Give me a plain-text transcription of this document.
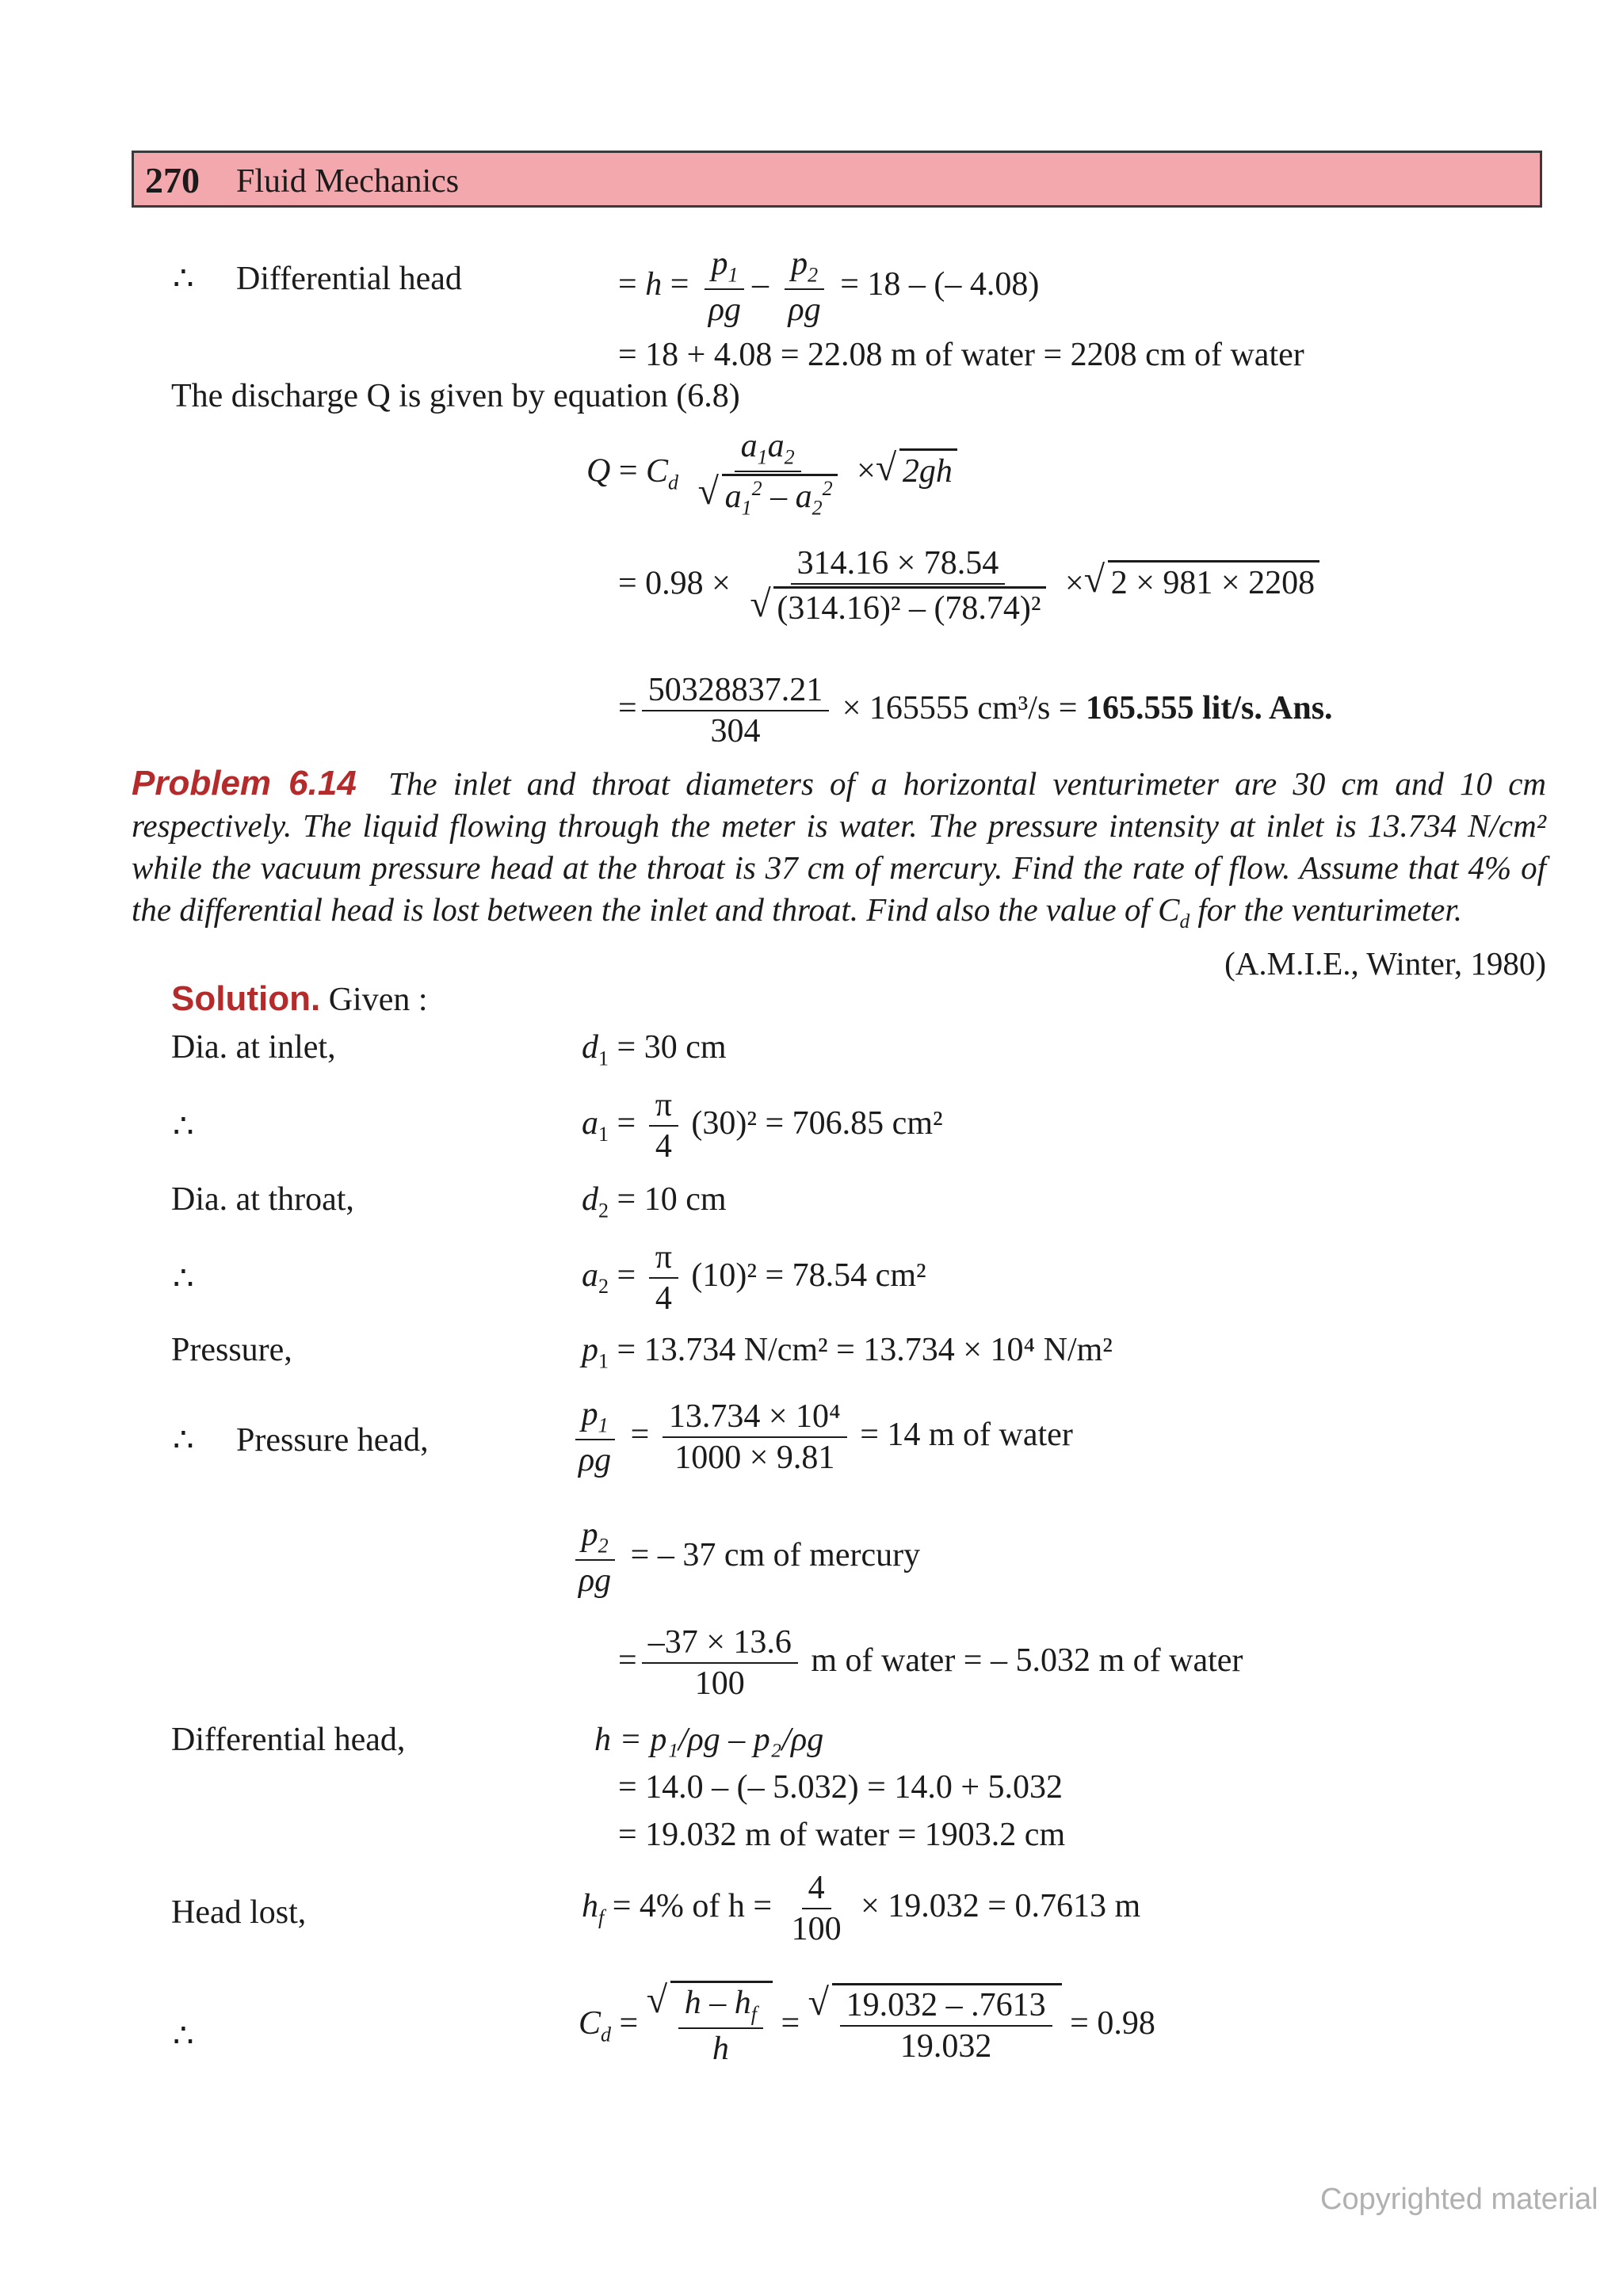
270 Fluid Mechanics
∴ Differential head	= $h = \frac{p_1}{\rho g} - \frac{p_2}{\rho g} = 18$ – (– 4.08)
= 18 + 4.08 = 22.08 m of water = 2208 cm of water
The discharge Q is given by equation (6.8)
$Q = C_d$ $a_1a_2$
√ $a_1^2 - a_2^2$ × √ 2gh
= 0.98 × 314.16 × 78.54
√ (314.16)² – (78.74)² × √ 2 × 981 × 2208
= $\frac{50328837.21}{304} \times 165555$ cm³/s = 165.555 lit/s. Ans.
Problem 6.14 The inlet and throat diameters of a horizontal venturimeter are 30 cm and 10 cm respectively. The liquid flowing through the meter is water. The pressure intensity at inlet is 13.734 N/cm² while the vacuum pressure head at the throat is 37 cm of mercury. Find the rate of flow. Assume that 4% of the differential head is lost between the inlet and throat. Find also the value of $C_d$ for the venturimeter.
(A.M.I.E., Winter, 1980)
Solution. Given :
Dia. at inlet,	$d_1 = 30$ cm
∴	$a_1 = \frac{\pi}{4} (30)^2 = 706.85$ cm²
Dia. at throat,	$d_2 = 10$ cm
∴	$a_2 = \frac{\pi}{4} (10)^2 = 78.54$ cm²
Pressure,	$p_1 = 13.734$ N/cm² = 13.734 × 10⁴ N/m²
∴ Pressure head,	$\frac{p_1}{\rho g} = \frac{\text{13.734 × 10⁴}}{1000 \times 9.81} = 14$ m of water
$\frac{p_2}{\rho g}$ = – 37 cm of mercury
= $\frac{-37 \times 13.6}{100}$ m of water = – 5.032 m of water
Differential head,	h = p₁/ρg – p₂/ρg
= 14.0 – (– 5.032) = 14.0 + 5.032
= 19.032 m of water = 1903.2 cm
Head lost,	$h_f = 4\%$ of $h = \frac{4}{100} \times 19.032 = 0.7613$ m
∴	$C_d$ = √ $\frac{h - h_f}{h}$ = √ $\frac{19.032 - .7613}{19.032} = 0.98$
Copyrighted material
